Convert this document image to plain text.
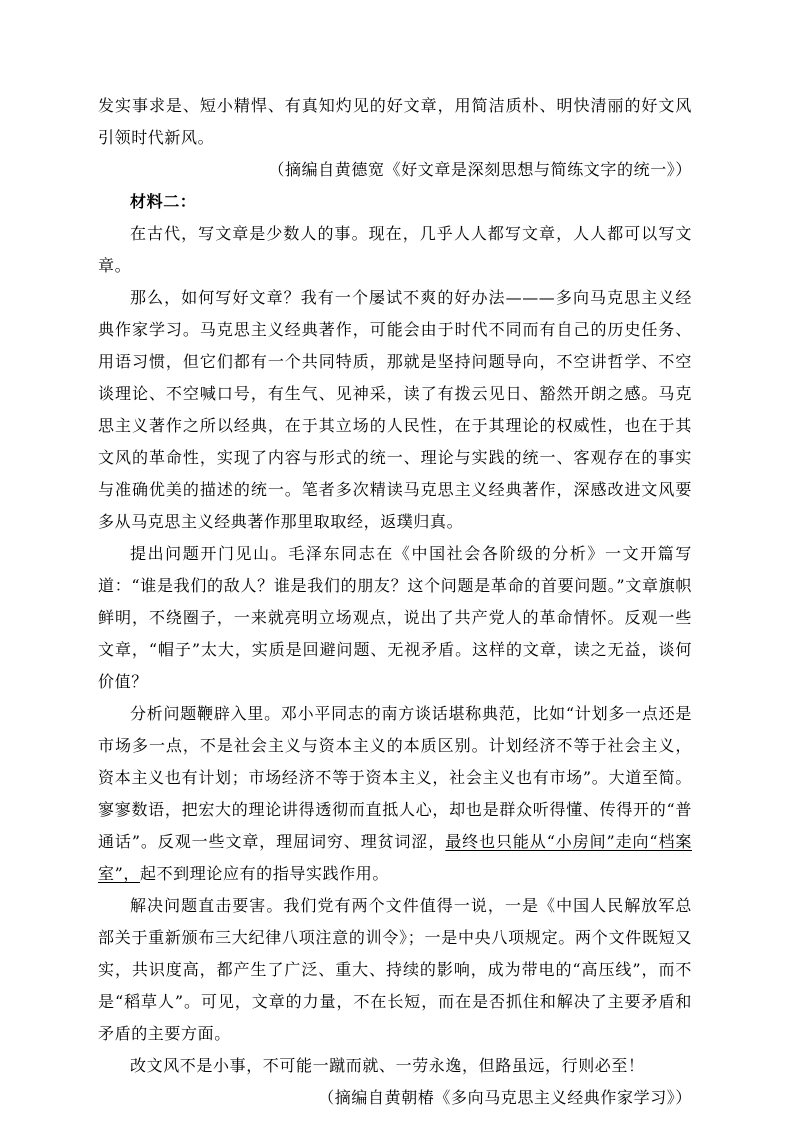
发实事求是、短小精悍、有真知灼见的好文章，用简洁质朴、明快清丽的好文风引领时代新风。

（摘编自黄德宽《好文章是深刻思想与简练文字的统一》）

材料二：

在古代，写文章是少数人的事。现在，几乎人人都写文章，人人都可以写文章。

那么，如何写好文章？我有一个屡试不爽的好办法———多向马克思主义经典作家学习。马克思主义经典著作，可能会由于时代不同而有自己的历史任务、用语习惯，但它们都有一个共同特质，那就是坚持问题导向，不空讲哲学、不空谈理论、不空喊口号，有生气、见神采，读了有拨云见日、豁然开朗之感。马克思主义著作之所以经典，在于其立场的人民性，在于其理论的权威性，也在于其文风的革命性，实现了内容与形式的统一、理论与实践的统一、客观存在的事实与准确优美的描述的统一。笔者多次精读马克思主义经典著作，深感改进文风要多从马克思主义经典著作那里取取经，返璞归真。

提出问题开门见山。毛泽东同志在《中国社会各阶级的分析》一文开篇写道：“谁是我们的敌人？谁是我们的朋友？这个问题是革命的首要问题。”文章旗帜鲜明，不绕圈子，一来就亮明立场观点，说出了共产党人的革命情怀。反观一些文章，“帽子”太大，实质是回避问题、无视矛盾。这样的文章，读之无益，谈何价值？

分析问题鞭辟入里。邓小平同志的南方谈话堪称典范，比如“计划多一点还是市场多一点，不是社会主义与资本主义的本质区别。计划经济不等于社会主义，资本主义也有计划；市场经济不等于资本主义，社会主义也有市场”。大道至简。寥寥数语，把宏大的理论讲得透彻而直抵人心，却也是群众听得懂、传得开的“普通话”。反观一些文章，理屈词穷、理贫词涩，最终也只能从“小房间”走向“档案室”，起不到理论应有的指导实践作用。

解决问题直击要害。我们党有两个文件值得一说，一是《中国人民解放军总部关于重新颁布三大纪律八项注意的训令》；一是中央八项规定。两个文件既短又实，共识度高，都产生了广泛、重大、持续的影响，成为带电的“高压线”，而不是“稻草人”。可见，文章的力量，不在长短，而在是否抓住和解决了主要矛盾和矛盾的主要方面。

改文风不是小事，不可能一蹴而就、一劳永逸，但路虽远，行则必至！

（摘编自黄朝椿《多向马克思主义经典作家学习》）
